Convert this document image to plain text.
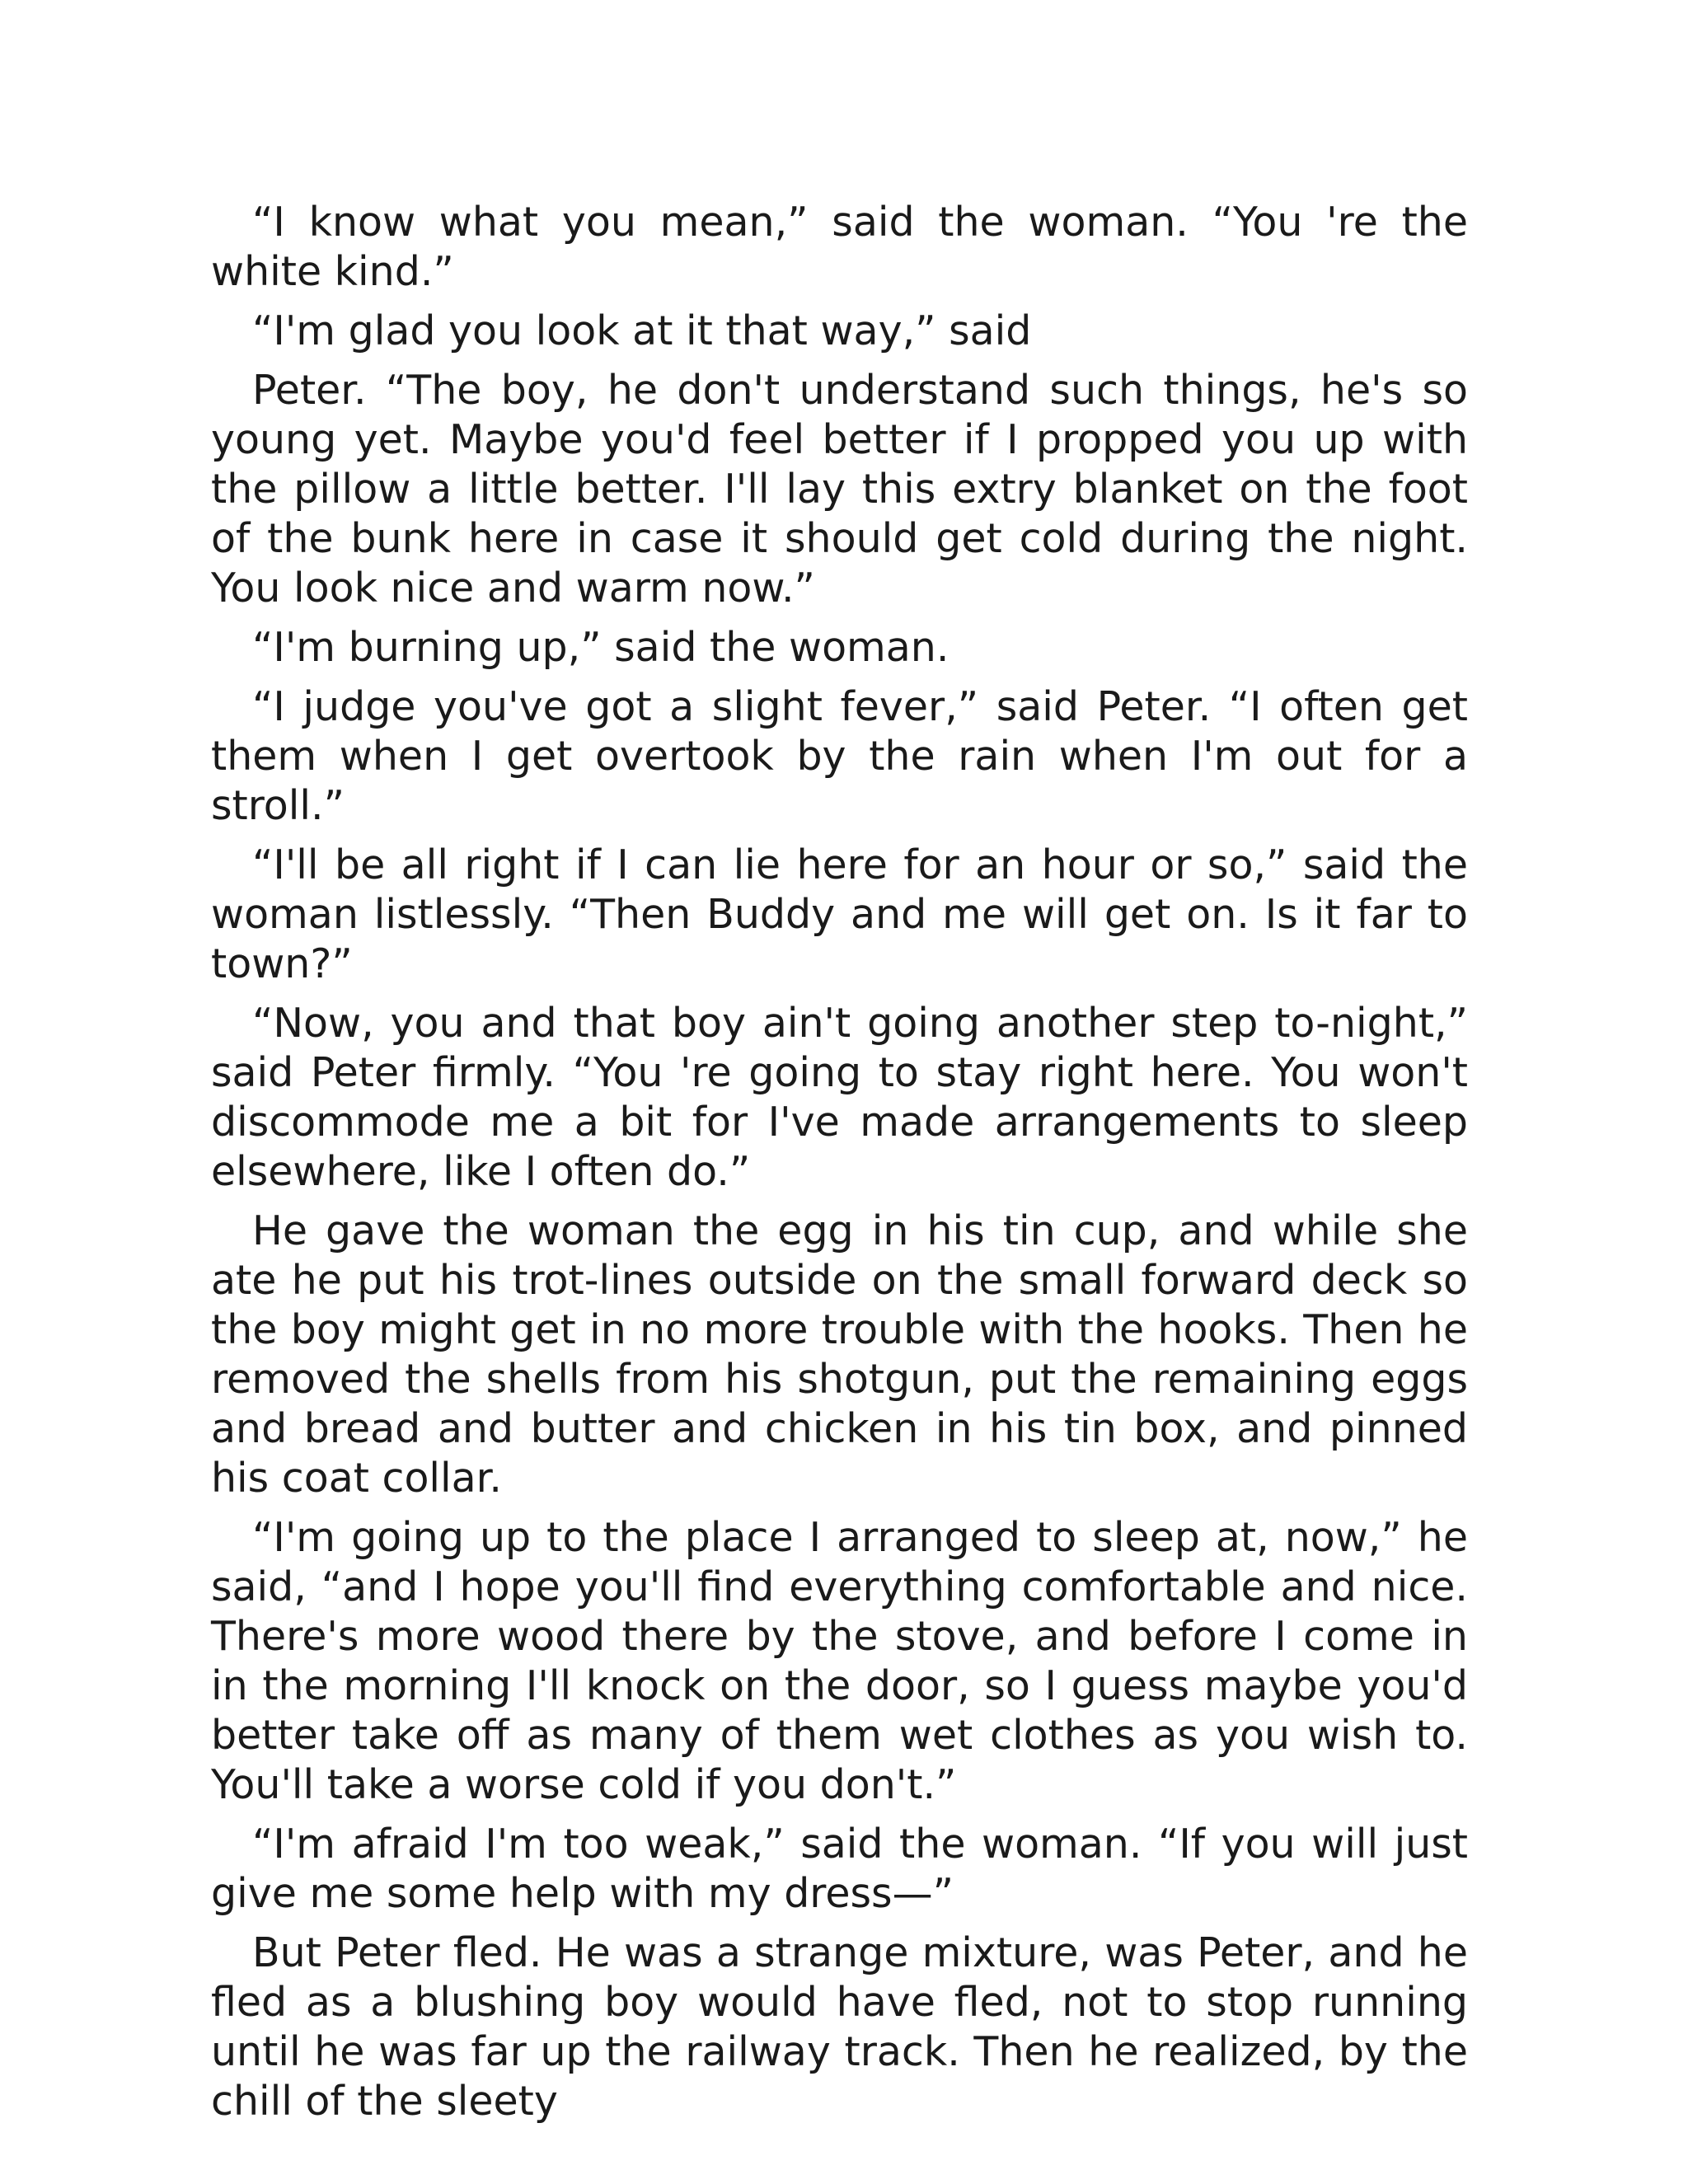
“I know what you mean,” said the woman. “You 're the white kind.”

“I'm glad you look at it that way,” said

Peter. “The boy, he don't understand such things, he's so young yet. Maybe you'd feel better if I propped you up with the pillow a little better. I'll lay this extry blanket on the foot of the bunk here in case it should get cold during the night. You look nice and warm now.”

“I'm burning up,” said the woman.

“I judge you've got a slight fever,” said Peter. “I often get them when I get overtook by the rain when I'm out for a stroll.”

“I'll be all right if I can lie here for an hour or so,” said the woman listlessly. “Then Buddy and me will get on. Is it far to town?”

“Now, you and that boy ain't going another step to-night,” said Peter firmly. “You 're going to stay right here. You won't discommode me a bit for I've made arrangements to sleep elsewhere, like I often do.”

He gave the woman the egg in his tin cup, and while she ate he put his trot-lines outside on the small forward deck so the boy might get in no more trouble with the hooks. Then he removed the shells from his shotgun, put the remaining eggs and bread and butter and chicken in his tin box, and pinned his coat collar.

“I'm going up to the place I arranged to sleep at, now,” he said, “and I hope you'll find everything comfortable and nice. There's more wood there by the stove, and before I come in in the morning I'll knock on the door, so I guess maybe you'd better take off as many of them wet clothes as you wish to. You'll take a worse cold if you don't.”

“I'm afraid I'm too weak,” said the woman. “If you will just give me some help with my dress—”

But Peter fled. He was a strange mixture, was Peter, and he fled as a blushing boy would have fled, not to stop running until he was far up the railway track. Then he realized, by the chill of the sleety
